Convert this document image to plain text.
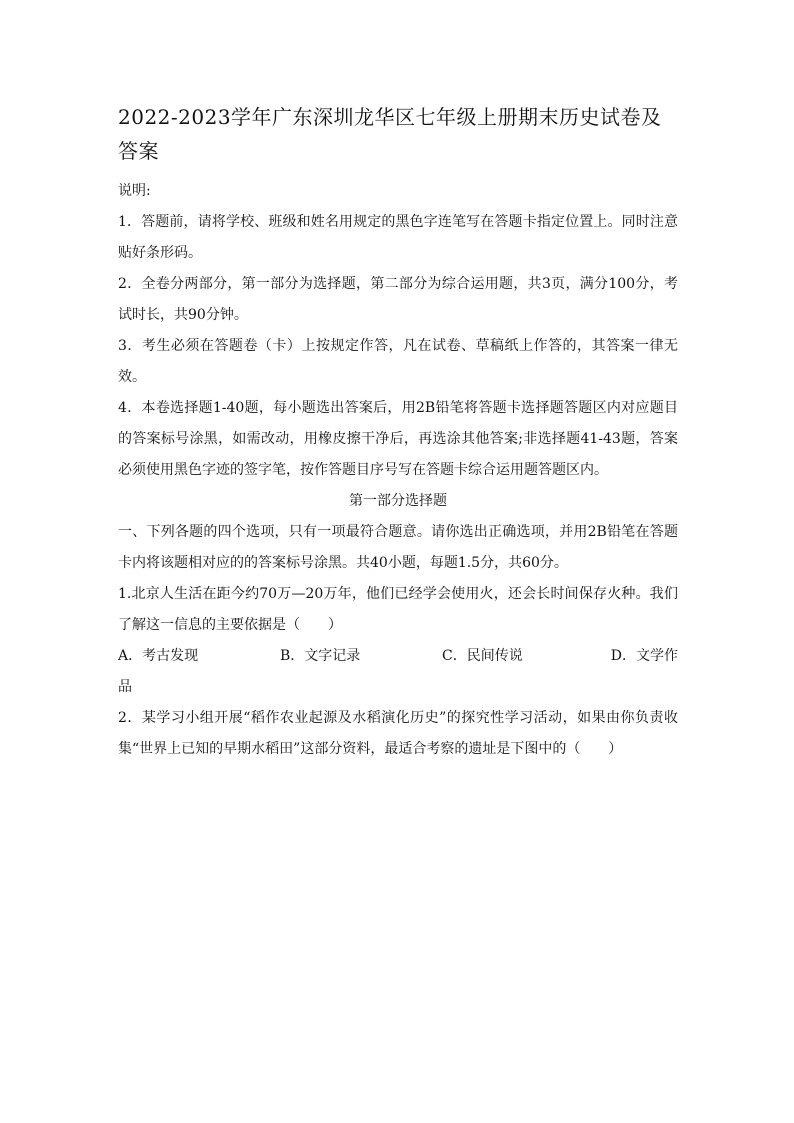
2022-2023学年广东深圳龙华区七年级上册期末历史试卷及答案

说明:

1．答题前，请将学校、班级和姓名用规定的黑色字连笔写在答题卡指定位置上。同时注意贴好条形码。

2．全卷分两部分，第一部分为选择题，第二部分为综合运用题，共3页，满分100分，考试时长，共90分钟。

3．考生必须在答题卷（卡）上按规定作答，凡在试卷、草稿纸上作答的，其答案一律无效。

4．本卷选择题1-40题，每小题选出答案后，用2B铅笔将答题卡选择题答题区内对应题目的答案标号涂黑，如需改动，用橡皮擦干净后，再选涂其他答案;非选择题41-43题，答案必须使用黑色字迹的签字笔，按作答题目序号写在答题卡综合运用题答题区内。

第一部分选择题

一、下列各题的四个选项，只有一项最符合题意。请你选出正确选项，并用2B铅笔在答题卡内将该题相对应的的答案标号涂黑。共40小题，每题1.5分，共60分。

1.北京人生活在距今约70万—20万年，他们已经学会使用火，还会长时间保存火种。我们了解这一信息的主要依据是（　　）

A．考古发现	B．文字记录	C．民间传说	D．文学作

品

2．某学习小组开展“稻作农业起源及水稻演化历史”的探究性学习活动，如果由你负责收集“世界上已知的早期水稻田”这部分资料，最适合考察的遗址是下图中的（　　）
